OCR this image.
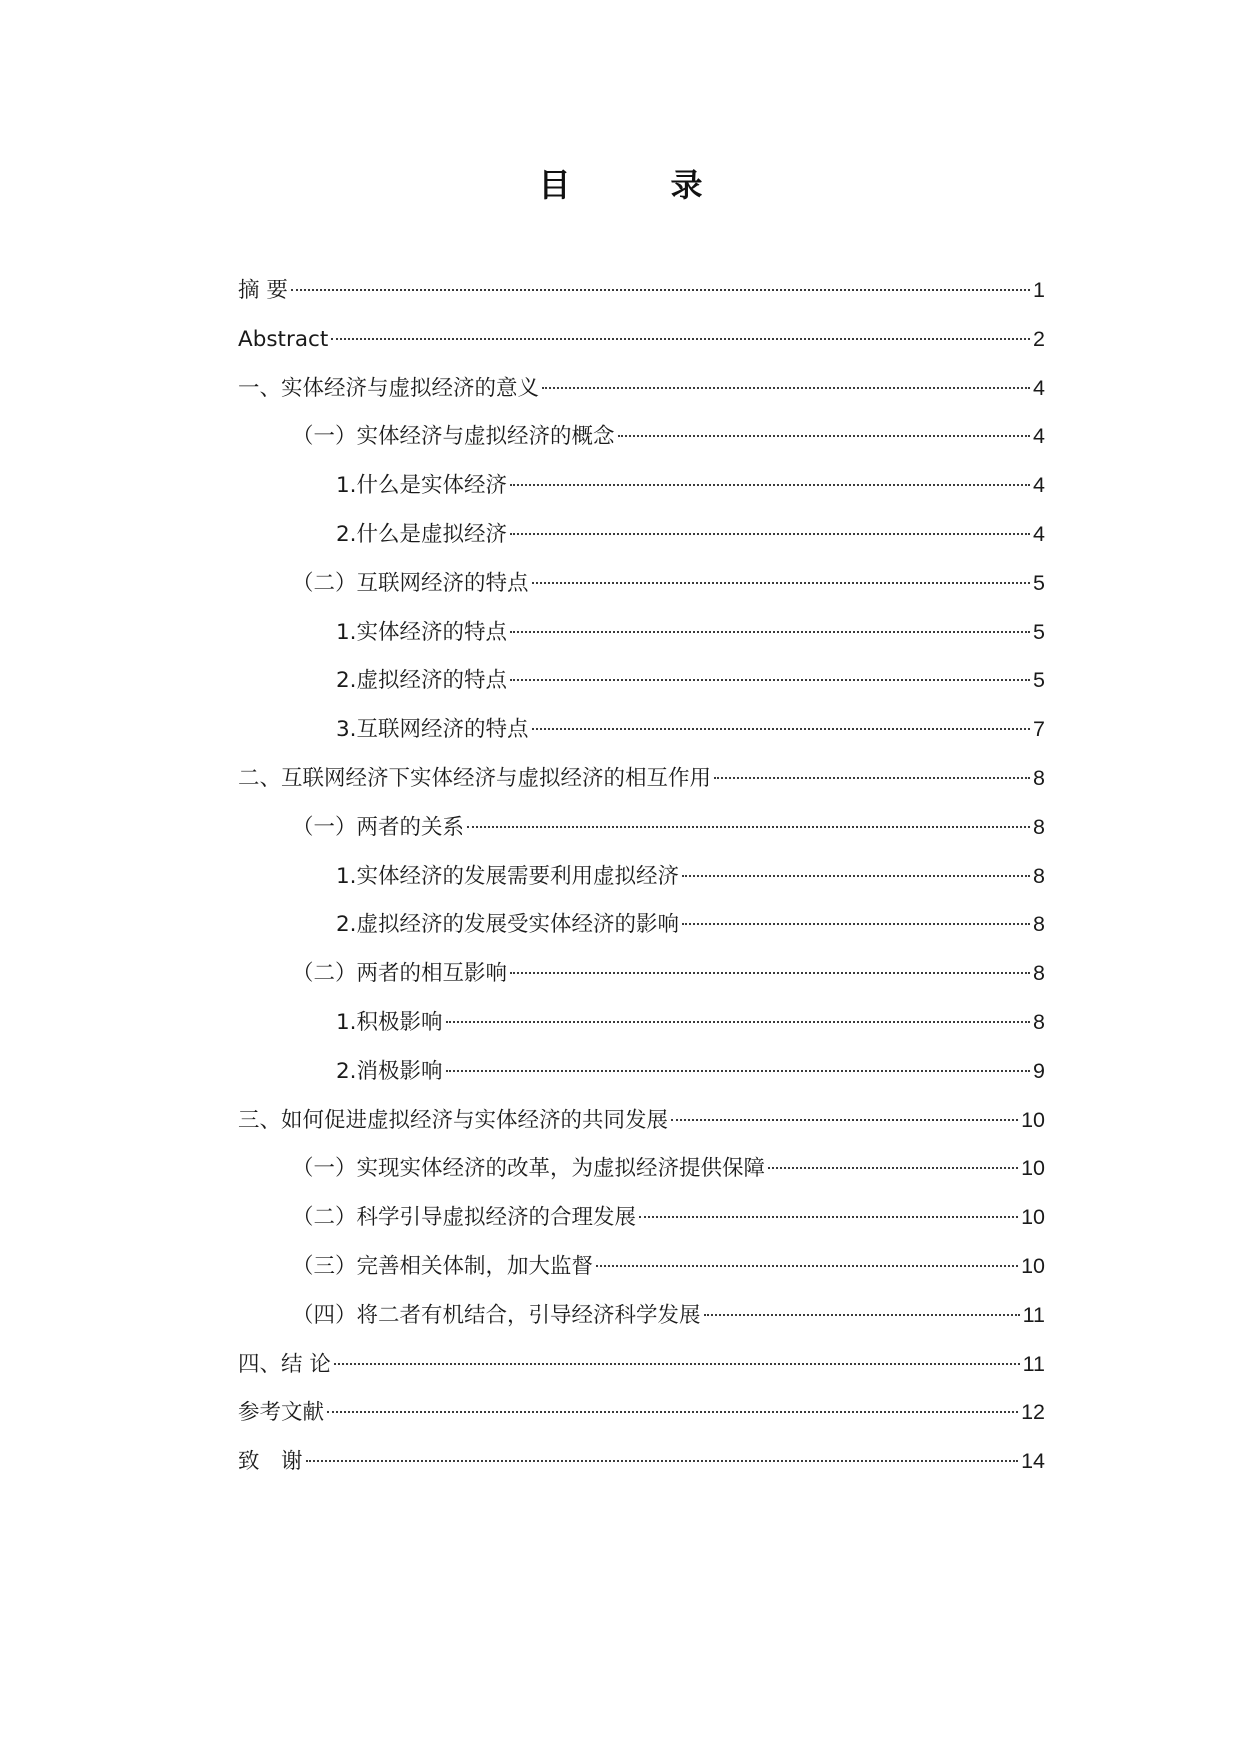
目　录
摘 要	1
Abstract	2
一、实体经济与虚拟经济的意义	4
（一）实体经济与虚拟经济的概念	4
1.什么是实体经济	4
2.什么是虚拟经济	4
（二）互联网经济的特点	5
1.实体经济的特点	5
2.虚拟经济的特点	5
3.互联网经济的特点	7
二、互联网经济下实体经济与虚拟经济的相互作用	8
（一）两者的关系	8
1.实体经济的发展需要利用虚拟经济	8
2.虚拟经济的发展受实体经济的影响	8
（二）两者的相互影响	8
1.积极影响	8
2.消极影响	9
三、如何促进虚拟经济与实体经济的共同发展	10
（一）实现实体经济的改革，为虚拟经济提供保障	10
（二）科学引导虚拟经济的合理发展	10
（三）完善相关体制，加大监督	10
（四）将二者有机结合，引导经济科学发展	11
四、结 论	11
参考文献	12
致　谢	14
